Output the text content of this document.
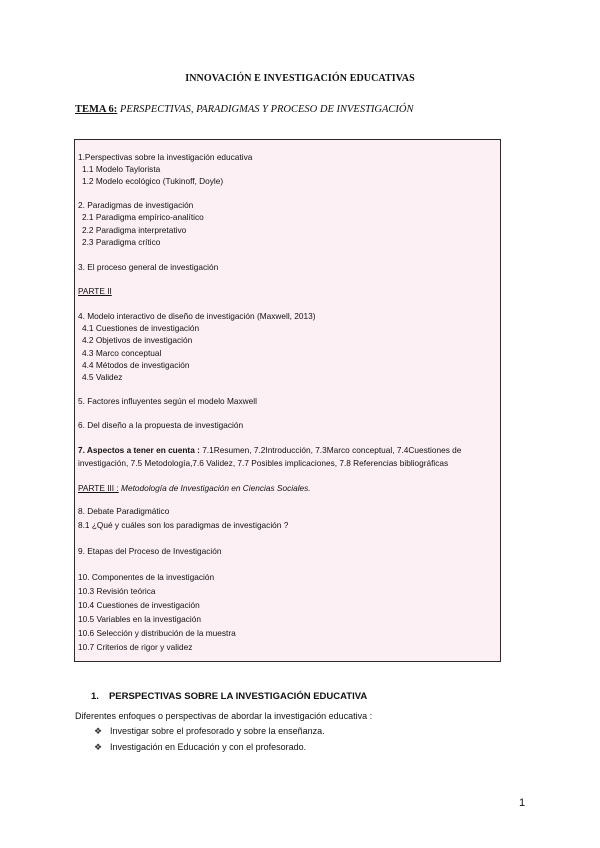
INNOVACIÓN E INVESTIGACIÓN EDUCATIVAS
TEMA 6: PERSPECTIVAS, PARADIGMAS Y PROCESO DE INVESTIGACIÓN
1.Perspectivas sobre la investigación educativa
1.1 Modelo Taylorista
1.2 Modelo ecológico (Tukinoff, Doyle)
2. Paradigmas de investigación
2.1 Paradigma empírico-analítico
2.2 Paradigma interpretativo
2.3 Paradigma crítico
3. El proceso general de investigación
PARTE II
4. Modelo interactivo de diseño de investigación (Maxwell, 2013)
4.1 Cuestiones de investigación
4.2 Objetivos de investigación
4.3 Marco conceptual
4.4 Métodos de investigación
4.5 Validez
5. Factores influyentes según el modelo Maxwell
6. Del diseño a la propuesta de investigación
7. Aspectos a tener en cuenta : 7.1Resumen, 7.2Introducción, 7.3Marco conceptual, 7.4Cuestiones de investigación, 7.5 Metodología,7.6 Validez, 7.7 Posibles implicaciones, 7.8 Referencias bibliográficas
PARTE III : Metodología de Investigación en Ciencias Sociales.
8. Debate Paradigmático
8.1 ¿Qué y cuáles son los paradigmas de investigación ?
9. Etapas del Proceso de Investigación
10. Componentes de la investigación
10.3 Revisión teórica
10.4 Cuestiones de investigación
10.5 Variables en la investigación
10.6 Selección y distribución de la muestra
10.7 Criterios de rigor y validez
1. PERSPECTIVAS SOBRE LA INVESTIGACIÓN EDUCATIVA
Diferentes enfoques o perspectivas de abordar la investigación educativa :
❖ Investigar sobre el profesorado y sobre la enseñanza.
❖ Investigación en Educación y con el profesorado.
1
